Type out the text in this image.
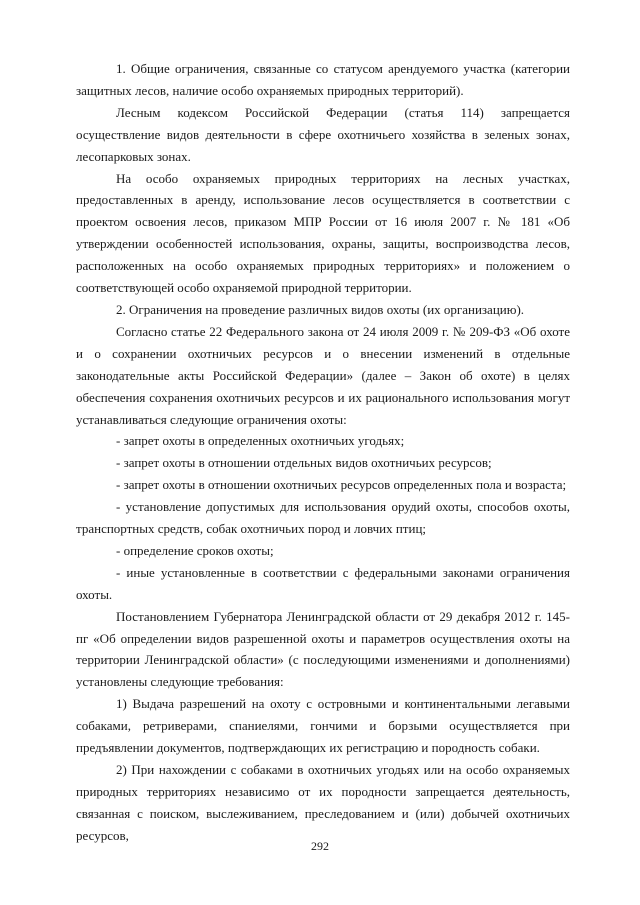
1. Общие ограничения, связанные со статусом арендуемого участка (категории защитных лесов, наличие особо охраняемых природных территорий).

Лесным кодексом Российской Федерации (статья 114) запрещается осуществление видов деятельности в сфере охотничьего хозяйства в зеленых зонах, лесопарковых зонах.

На особо охраняемых природных территориях на лесных участках, предоставленных в аренду, использование лесов осуществляется в соответствии с проектом освоения лесов, приказом МПР России от 16 июля 2007 г. № 181 «Об утверждении особенностей использования, охраны, защиты, воспроизводства лесов, расположенных на особо охраняемых природных территориях» и положением о соответствующей особо охраняемой природной территории.

2. Ограничения на проведение различных видов охоты (их организацию).

Согласно статье 22 Федерального закона от 24 июля 2009 г. № 209-ФЗ «Об охоте и о сохранении охотничьих ресурсов и о внесении изменений в отдельные законодательные акты Российской Федерации» (далее – Закон об охоте) в целях обеспечения сохранения охотничьих ресурсов и их рационального использования могут устанавливаться следующие ограничения охоты:

- запрет охоты в определенных охотничьих угодьях;

- запрет охоты в отношении отдельных видов охотничьих ресурсов;

- запрет охоты в отношении охотничьих ресурсов определенных пола и возраста;

- установление допустимых для использования орудий охоты, способов охоты, транспортных средств, собак охотничьих пород и ловчих птиц;

- определение сроков охоты;

- иные установленные в соответствии с федеральными законами ограничения охоты.

Постановлением Губернатора Ленинградской области от 29 декабря 2012 г. 145-пг «Об определении видов разрешенной охоты и параметров осуществления охоты на территории Ленинградской области» (с последующими изменениями и дополнениями) установлены следующие требования:

1) Выдача разрешений на охоту с островными и континентальными легавыми собаками, ретриверами, спаниелями, гончими и борзыми осуществляется при предъявлении документов, подтверждающих их регистрацию и породность собаки.

2) При нахождении с собаками в охотничьих угодьях или на особо охраняемых природных территориях независимо от их породности запрещается деятельность, связанная с поиском, выслеживанием, преследованием и (или) добычей охотничьих ресурсов,

292
